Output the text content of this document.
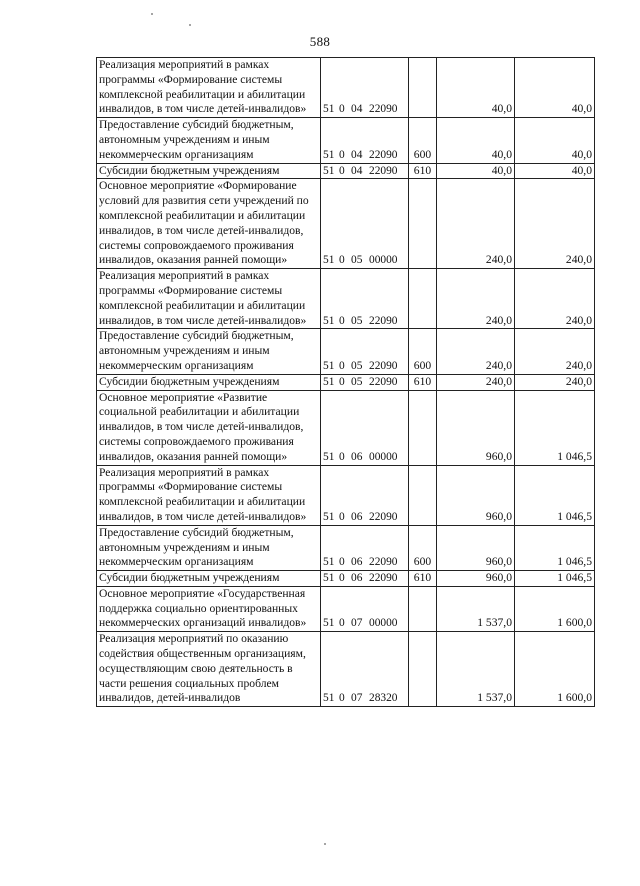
588
Реализация мероприятий в рамках программы «Формирование системы комплексной реабилитации и абилитации инвалидов, в том числе детей-инвалидов»	51 0 04 22090		40,0	40,0
Предоставление субсидий бюджетным, автономным учреждениям и иным некоммерческим организациям	51 0 04 22090	600	40,0	40,0
Субсидии бюджетным учреждениям	51 0 04 22090	610	40,0	40,0
Основное мероприятие «Формирование условий для развития сети учреждений по комплексной реабилитации и абилитации инвалидов, в том числе детей-инвалидов, системы сопровождаемого проживания инвалидов, оказания ранней помощи»	51 0 05 00000		240,0	240,0
Реализация мероприятий в рамках программы «Формирование системы комплексной реабилитации и абилитации инвалидов, в том числе детей-инвалидов»	51 0 05 22090		240,0	240,0
Предоставление субсидий бюджетным, автономным учреждениям и иным некоммерческим организациям	51 0 05 22090	600	240,0	240,0
Субсидии бюджетным учреждениям	51 0 05 22090	610	240,0	240,0
Основное мероприятие «Развитие социальной реабилитации и абилитации инвалидов, в том числе детей-инвалидов, системы сопровождаемого проживания инвалидов, оказания ранней помощи»	51 0 06 00000		960,0	1 046,5
Реализация мероприятий в рамках программы «Формирование системы комплексной реабилитации и абилитации инвалидов, в том числе детей-инвалидов»	51 0 06 22090		960,0	1 046,5
Предоставление субсидий бюджетным, автономным учреждениям и иным некоммерческим организациям	51 0 06 22090	600	960,0	1 046,5
Субсидии бюджетным учреждениям	51 0 06 22090	610	960,0	1 046,5
Основное мероприятие «Государственная поддержка социально ориентированных некоммерческих организаций инвалидов»	51 0 07 00000		1 537,0	1 600,0
Реализация мероприятий по оказанию содействия общественным организациям, осуществляющим свою деятельность в части решения социальных проблем инвалидов, детей-инвалидов	51 0 07 28320		1 537,0	1 600,0
